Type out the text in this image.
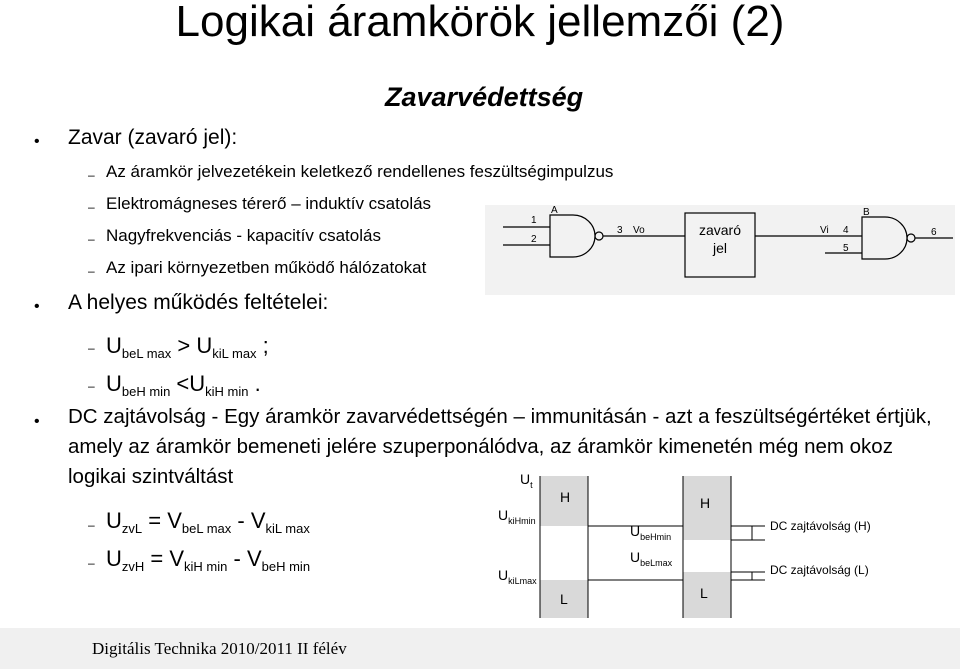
Logikai áramkörök jellemzői (2)
Zavarvédettség
• Zavar (zavaró jel):
– Az áramkör jelvezetékein keletkező rendellenes feszültségimpulzus
– Elektromágneses térerő – induktív csatolás
– Nagyfrekvenciás - kapacitív csatolás
– Az ipari környezetben működő hálózatokat
• A helyes működés feltételei:
– $U_{beL max} > U_{kiL max}$ ;
– $U_{beH min} <U_{kiH min}$ .
• DC zajtávolság - Egy áramkör zavarvédettségén – immunitásán - azt a feszültségértéket értjük, amely az áramkör bemeneti jelére szuperponálódva, az áramkör kimenetén még nem okoz logikai szintváltást
– $U_{zvL} = V_{beL max} - V_{kiL max}$
– $U_{zvH} = V_{kiH min} - V_{beH min}$
1
2
A
3 Vo	Vi 4
5
B
6
zavaró
jel
$U_t$
$U_{kiHmin}$
$U_{kiLmax}$
$U_{beHmin}$
$U_{beLmax}$
H
L
H
L
DC zajtávolság (H)
DC zajtávolság (L)
Digitális Technika 2010/2011 II félév
